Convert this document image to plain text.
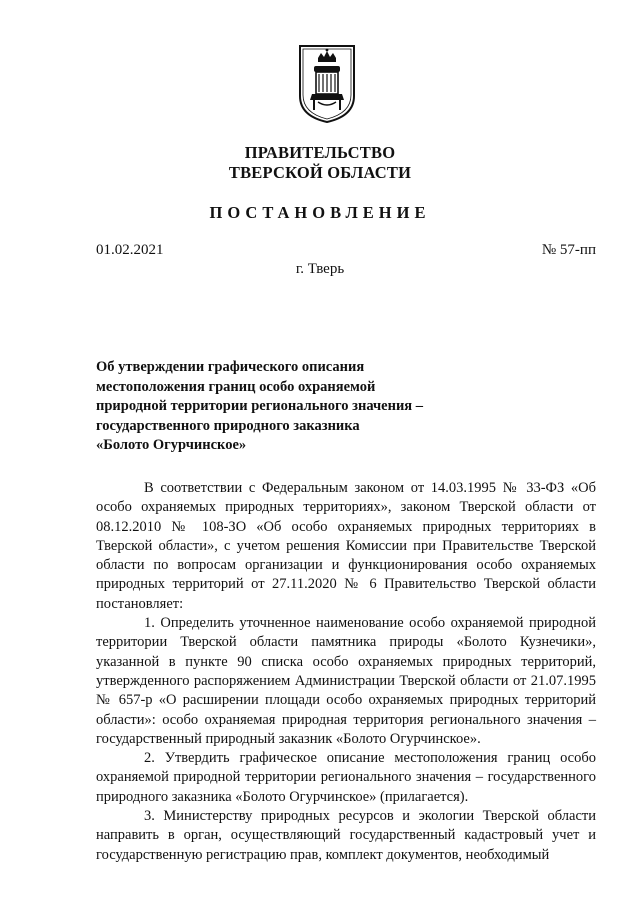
ПРАВИТЕЛЬСТВО
ТВЕРСКОЙ ОБЛАСТИ
ПОСТАНОВЛЕНИЕ
01.02.2021	№ 57-пп
г. Тверь
Об утверждении графического описания
местоположения границ особо охраняемой
природной территории регионального значения –
государственного природного заказника
«Болото Огурчинское»

В соответствии с Федеральным законом от 14.03.1995 № 33-ФЗ «Об особо охраняемых природных территориях», законом Тверской области от 08.12.2010 № 108-ЗО «Об особо охраняемых природных территориях в Тверской области», с учетом решения Комиссии при Правительстве Тверской области по вопросам организации и функционирования особо охраняемых природных территорий от 27.11.2020 № 6 Правительство Тверской области постановляет:

1. Определить уточненное наименование особо охраняемой природной территории Тверской области памятника природы «Болото Кузнечики», указанной в пункте 90 списка особо охраняемых природных территорий, утвержденного распоряжением Администрации Тверской области от 21.07.1995 № 657-р «О расширении площади особо охраняемых природных территорий области»: особо охраняемая природная территория регионального значения – государственный природный заказник «Болото Огурчинское».

2. Утвердить графическое описание местоположения границ особо охраняемой природной территории регионального значения – государственного природного заказника «Болото Огурчинское» (прилагается).

3. Министерству природных ресурсов и экологии Тверской области направить в орган, осуществляющий государственный кадастровый учет и государственную регистрацию прав, комплект документов, необходимый
